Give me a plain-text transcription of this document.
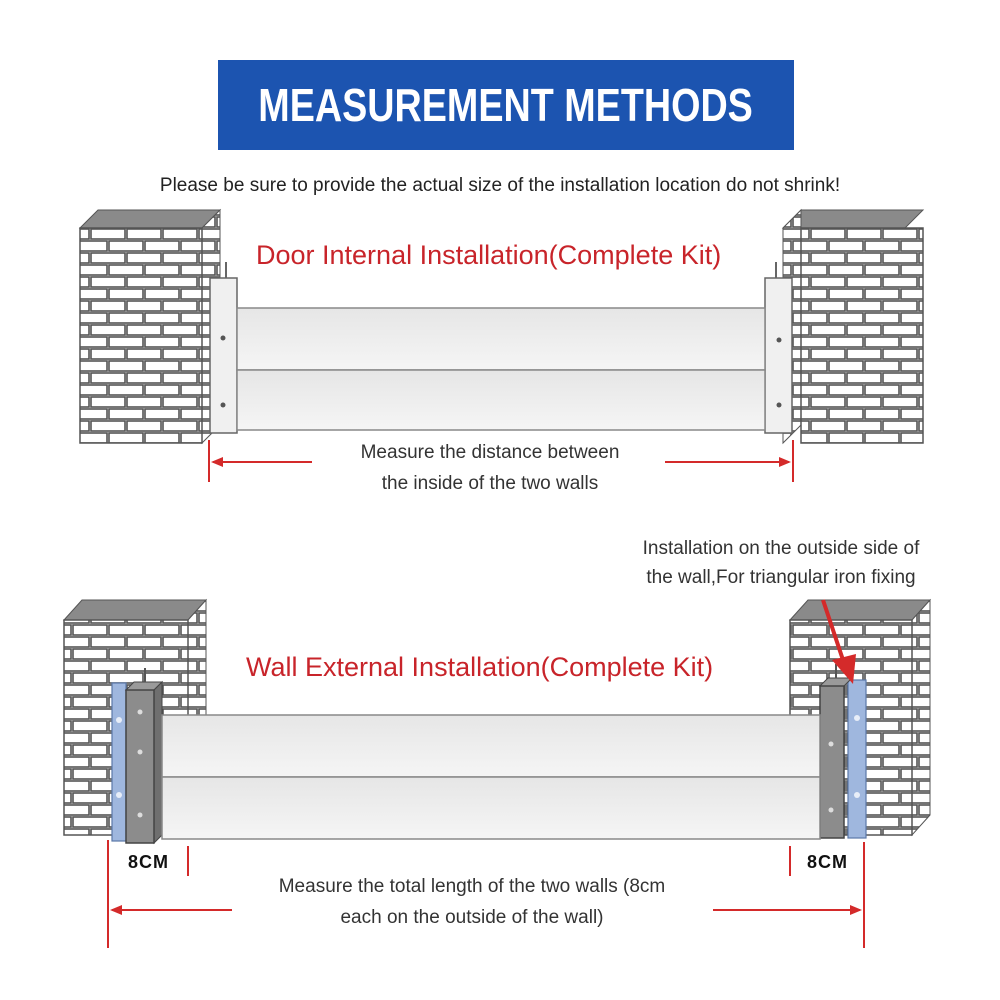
MEASUREMENT METHODS
Please be sure to provide the actual size of the installation location do not shrink!
Door Internal Installation(Complete Kit)
Measure the distance between
the inside of the two walls
Installation on the outside side of
the wall,For triangular iron fixing
Wall External Installation(Complete Kit)
8CM	8CM
Measure the total length of the two walls (8cm
each on the outside of the wall)
